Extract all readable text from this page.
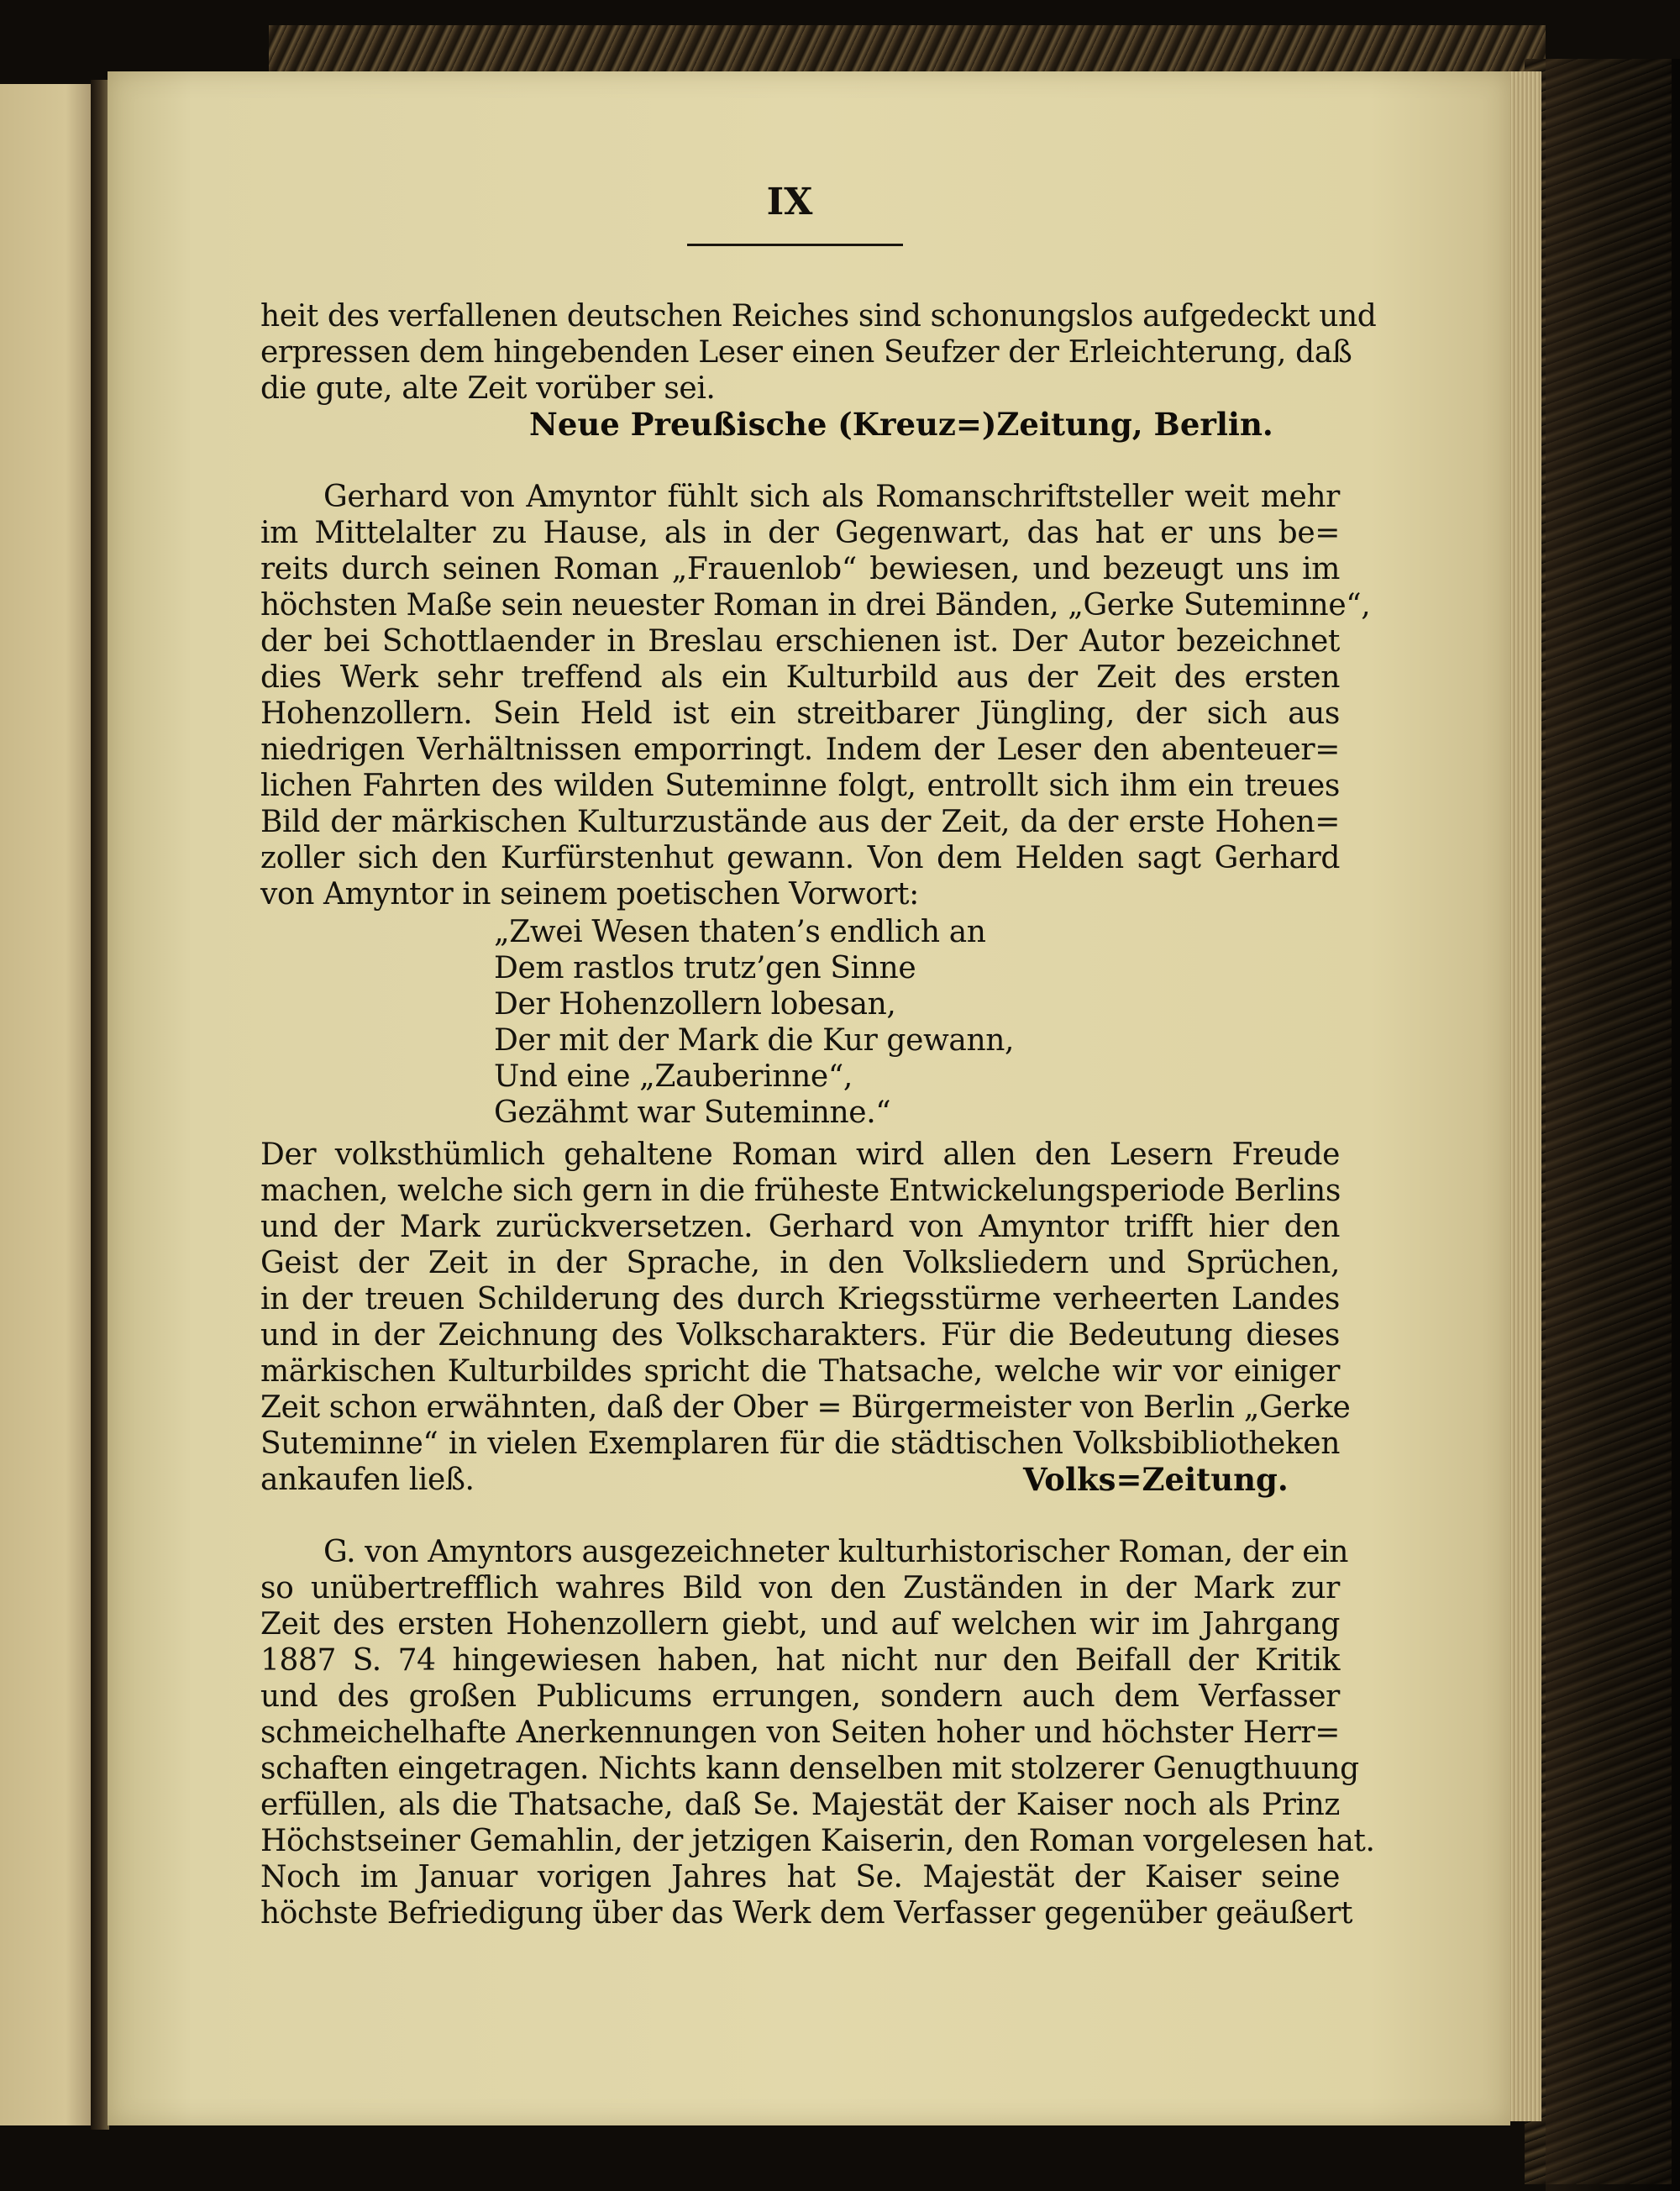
IX
heit des verfallenen deutschen Reiches sind schonungslos aufgedeckt und
erpressen dem hingebenden Leser einen Seufzer der Erleichterung, daß
die gute, alte Zeit vorüber sei.
Neue Preußische (Kreuz=)Zeitung, Berlin.
Gerhard von Amyntor fühlt sich als Romanschriftsteller weit mehr
im Mittelalter zu Hause, als in der Gegenwart, das hat er uns be=
reits durch seinen Roman „Frauenlob“ bewiesen, und bezeugt uns im
höchsten Maße sein neuester Roman in drei Bänden, „Gerke Suteminne“,
der bei Schottlaender in Breslau erschienen ist. Der Autor bezeichnet
dies Werk sehr treffend als ein Kulturbild aus der Zeit des ersten
Hohenzollern. Sein Held ist ein streitbarer Jüngling, der sich aus
niedrigen Verhältnissen emporringt. Indem der Leser den abenteuer=
lichen Fahrten des wilden Suteminne folgt, entrollt sich ihm ein treues
Bild der märkischen Kulturzustände aus der Zeit, da der erste Hohen=
zoller sich den Kurfürstenhut gewann. Von dem Helden sagt Gerhard
von Amyntor in seinem poetischen Vorwort:
„Zwei Wesen thaten’s endlich an
Dem rastlos trutz’gen Sinne
Der Hohenzollern lobesan,
Der mit der Mark die Kur gewann,
Und eine „Zauberinne“,
Gezähmt war Suteminne.“
Der volksthümlich gehaltene Roman wird allen den Lesern Freude
machen, welche sich gern in die früheste Entwickelungsperiode Berlins
und der Mark zurückversetzen. Gerhard von Amyntor trifft hier den
Geist der Zeit in der Sprache, in den Volksliedern und Sprüchen,
in der treuen Schilderung des durch Kriegsstürme verheerten Landes
und in der Zeichnung des Volkscharakters. Für die Bedeutung dieses
märkischen Kulturbildes spricht die Thatsache, welche wir vor einiger
Zeit schon erwähnten, daß der Ober = Bürgermeister von Berlin „Gerke
Suteminne“ in vielen Exemplaren für die städtischen Volksbibliotheken
ankaufen ließ.	Volks=Zeitung.
G. von Amyntors ausgezeichneter kulturhistorischer Roman, der ein
so unübertrefflich wahres Bild von den Zuständen in der Mark zur
Zeit des ersten Hohenzollern giebt, und auf welchen wir im Jahrgang
1887 S. 74 hingewiesen haben, hat nicht nur den Beifall der Kritik
und des großen Publicums errungen, sondern auch dem Verfasser
schmeichelhafte Anerkennungen von Seiten hoher und höchster Herr=
schaften eingetragen. Nichts kann denselben mit stolzerer Genugthuung
erfüllen, als die Thatsache, daß Se. Majestät der Kaiser noch als Prinz
Höchstseiner Gemahlin, der jetzigen Kaiserin, den Roman vorgelesen hat.
Noch im Januar vorigen Jahres hat Se. Majestät der Kaiser seine
höchste Befriedigung über das Werk dem Verfasser gegenüber geäußert
